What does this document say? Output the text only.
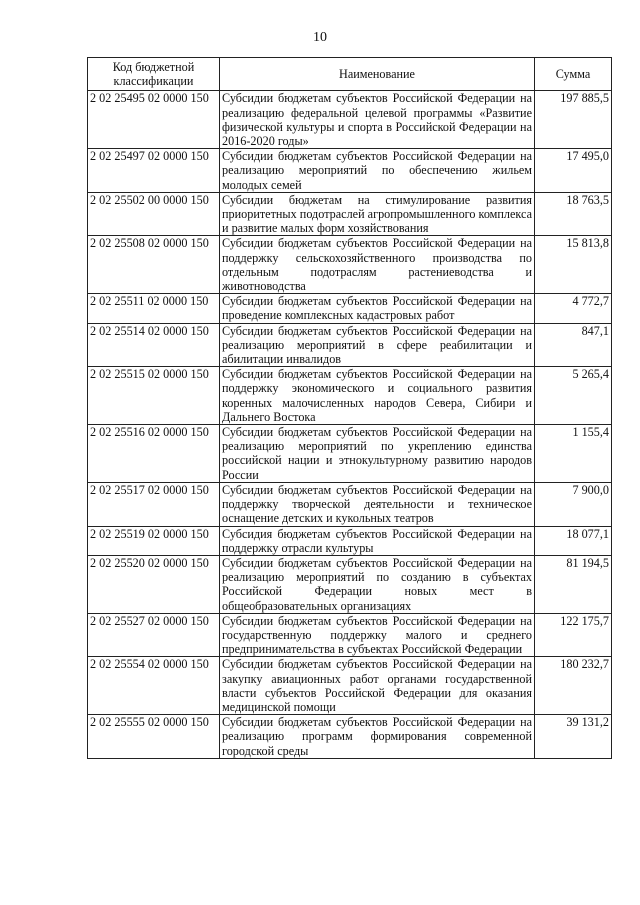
10
Код бюджетной классификации	Наименование	Сумма
2 02 25495 02 0000 150	Субсидии бюджетам субъектов Российской Федерации на реализацию федеральной целевой программы «Развитие физической культуры и спорта в Российской Федерации на 2016-2020 годы»	197 885,5
2 02 25497 02 0000 150	Субсидии бюджетам субъектов Российской Федерации на реализацию мероприятий по обеспечению жильем молодых семей	17 495,0
2 02 25502 00 0000 150	Субсидии бюджетам на стимулирование развития приоритетных подотраслей агропромышленного комплекса и развитие малых форм хозяйствования	18 763,5
2 02 25508 02 0000 150	Субсидии бюджетам субъектов Российской Федерации на поддержку сельскохозяйственного производства по отдельным подотраслям растениеводства и животноводства	15 813,8
2 02 25511 02 0000 150	Субсидии бюджетам субъектов Российской Федерации на проведение комплексных кадастровых работ	4 772,7
2 02 25514 02 0000 150	Субсидии бюджетам субъектов Российской Федерации на реализацию мероприятий в сфере реабилитации и абилитации инвалидов	847,1
2 02 25515 02 0000 150	Субсидии бюджетам субъектов Российской Федерации на поддержку экономического и социального развития коренных малочисленных народов Севера, Сибири и Дальнего Востока	5 265,4
2 02 25516 02 0000 150	Субсидии бюджетам субъектов Российской Федерации на реализацию мероприятий по укреплению единства российской нации и этнокультурному развитию народов России	1 155,4
2 02 25517 02 0000 150	Субсидии бюджетам субъектов Российской Федерации на поддержку творческой деятельности и техническое оснащение детских и кукольных театров	7 900,0
2 02 25519 02 0000 150	Субсидия бюджетам субъектов Российской Федерации на поддержку отрасли культуры	18 077,1
2 02 25520 02 0000 150	Субсидии бюджетам субъектов Российской Федерации на реализацию мероприятий по созданию в субъектах Российской Федерации новых мест в общеобразовательных организациях	81 194,5
2 02 25527 02 0000 150	Субсидии бюджетам субъектов Российской Федерации на государственную поддержку малого и среднего предпринимательства в субъектах Российской Федерации	122 175,7
2 02 25554 02 0000 150	Субсидии бюджетам субъектов Российской Федерации на закупку авиационных работ органами государственной власти субъектов Российской Федерации для оказания медицинской помощи	180 232,7
2 02 25555 02 0000 150	Субсидии бюджетам субъектов Российской Федерации на реализацию программ формирования современной городской среды	39 131,2
